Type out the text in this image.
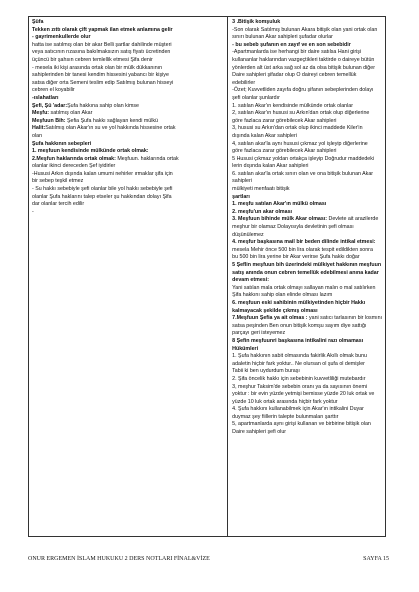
Şüfa
Tekken zıttı olarak çift yapmak ilan etmek anlamına gelir
- gayrimenkullerde olur
hatta ise satılmış olan bir akar Belli şartlar dahilinde müşteri
veya satıcının rızasına bakılmaksızın satış fiyatı ücretinden
üçüncü bir şahsın cebren temlellik etmesi Şifa denir
- mesela iki kişi arasında ortak olan bir mülk dükkanının
sahiplerinden bir tanesi kendim hissesini yabancı bir kişiye
satsa diğer orta Semeni teslim edip Satılmış bulunan hisseyi
cebren el koyabilir
-ıslahatları
Şefi, Şü 'adar:Şufa hakkına sahip olan kimse
Meşfu: satılmış olan Akar
Meşfuun Bih: Şefia Şufa hakkı sağlayan kendi mülkü
Halit:Satılmış olan Akar'ın su ve yol hakkında hissesine ortak
olan
Şufa hakkının sebepleri
1. meşfuun kendisinde mülkünde ortak olmak:
2.Meşfun haklarında ortak olmak: Meşfuun. haklarında ortak
olanlar ikinci dereceden Şef iyidirler
-Hususi Arkın dışında kalan umumi nehirler ırmaklar şifa için
bir sebep teşkil etmez
- Su hakkı sebebiyle şefi olanlar bile yol hakkı sebebiyle şefi
olanlar Şufa haklarını talep etseler şu hakkından dolayı Şifa
dar olanlar tercih edilir
-
3 .Bitişik komşuluk
-Son olarak Satılmış bulunan Akara bitişik olan yani ortak olan
sınırı bulunan Akar sahipleri şufadar olurlar
- bu sebeb şufanın en zayıf ve en son sebebidir
-Apartmanlarda ise herhangi bir daire satılsa Hani girişi
kullananlar haklarından vazgeçtikleri taktirde o daireye bütün
yönlerden alt üst arka sağ sol az da olsa bitişik bulunan diğer
Daire sahipleri şifadar olup O daireyi cebren temellük
edebilirler
-Özet; Kuvvetliden zayıfa doğru şifanın sebeplerinden dolayı
şefi olanlar şunlardır
1. satılan Akar'ın kendisinde mülkünde ortak olanlar
2, satılan Akar'ın hususi su Arkın'dan ortak olup diğerlerine
göre fazlaca zarar görebilecek Akar sahipleri
3, hususi su Arkın'dan ortak olup ikinci maddede Kiler'in
dışında kalan Akar sahipleri
4, satılan akar'la aynı hususi çıkmaz yol işleyip diğerlerine
göre fazlaca zarar görebilecek Akar sahipleri
5 Hususi çıkmaz yoldan ortakça işleyip Doğrudur maddedeki
lerin dışında kalan Akar sahipleri
6. satılan akar'la ortak sınırı olan ve ona bitişik bulunan Akar
sahipleri
mülkiyeti menfaatı bitişik
şartları
1. meşfu satılan Akar'ın mülkü olması
2. meşfu'un akar olması
3. Meşfuun bihinde mülk Akar olması: Devlete ait arazilerde
meşhur bir olamaz Dolayısıyla devletinin şefi olması
düşünülemez
4. meşfur başkasına mail bir beden dilinde intikal etmesi:
mesela Mehir önce 500 bin lira olarak tespit edildikten sonra
bu 500 bin lira yerine bir Akar verirse Şufa hakkı doğar
5 Şeflin meşfuun bih üzerindeki mülkiyet hakkının meşfuun
satış anında onun cebren temellük edebilmesi anına kadar
devam etmesi:
Yani satılan mala ortak olmayı sallayan malın o mal satılırken
Şifa hakkını sahip olan elinde olması lazım
6. meşfuun eski sahibinin mülkiyetinden hiçbir Hakkı
kalmayacak şekilde çıkmış olması
7.Meşfuun Şefia ya ait olmas : yani satıcı tarlasının bir losmını
satsa peşinden Ben onun bitişik komşu sayım diye sattığı
parçayı geri isteyemez
8 Şefin meşfuunri başkasına intikalini razı olmaması
Hükümleri
1. Şufa hakkının sabit olmasında fakirlik Akıllı olmak bunu
adaletin hiçbir fark yoktur.. Ne olursan ol şufa ol demişler
Tabii ki ben uydurdum buraşı
2. Şifa öncelik hakkı için sebebinin kuvvetliliği mutebardır
3, meşhur Taksim'de sebebin oranı ya da sayısının önemi
yoktur : bir evin yüzde yetmişi bemisse yüzde 20 luk ortak ve
yüzde 10 luk ortak arasında hiçbir fark yoktur
4. Şufa hakkını kullanabilmek için Akar'ın intikalini Duyar
duymaz şey fiillerin talepte bulunmaları şarttır
5, apartmanlarda aynı girişi kullanan ve birbirine bitişik olan
Daire sahipleri şefi olur
ONUR ERGEMEN İSLAM HUKUKU 2 DERS NOTLARI FİNAL&VİZE	SAYFA 15
